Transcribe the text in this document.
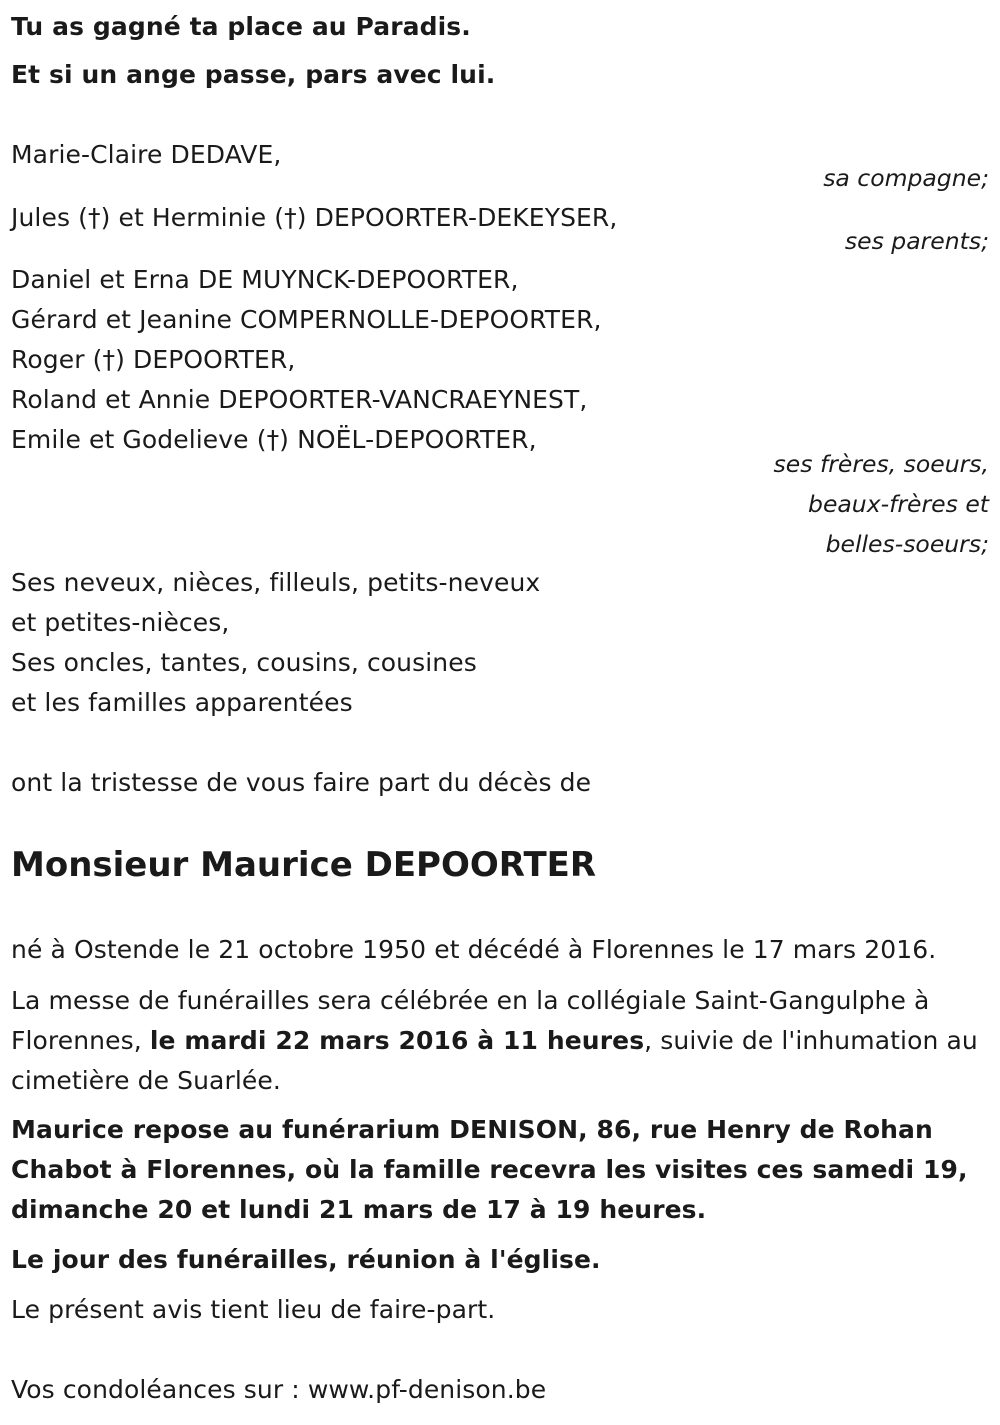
Tu as gagné ta place au Paradis.
Et si un ange passe, pars avec lui.
Marie-Claire DEDAVE,
sa compagne;
Jules (†) et Herminie (†) DEPOORTER-DEKEYSER,
ses parents;
Daniel et Erna DE MUYNCK-DEPOORTER,
Gérard et Jeanine COMPERNOLLE-DEPOORTER,
Roger (†) DEPOORTER,
Roland et Annie DEPOORTER-VANCRAEYNEST,
Emile et Godelieve (†) NOËL-DEPOORTER,
ses frères, soeurs,
beaux-frères et
belles-soeurs;
Ses neveux, nièces, filleuls, petits-neveux
et petites-nièces,
Ses oncles, tantes, cousins, cousines
et les familles apparentées
ont la tristesse de vous faire part du décès de
Monsieur Maurice DEPOORTER
né à Ostende le 21 octobre 1950 et décédé à Florennes le 17 mars 2016.
La messe de funérailles sera célébrée en la collégiale Saint-Gangulphe à
Florennes, le mardi 22 mars 2016 à 11 heures, suivie de l'inhumation au
cimetière de Suarlée.
Maurice repose au funérarium DENISON, 86, rue Henry de Rohan
Chabot à Florennes, où la famille recevra les visites ces samedi 19,
dimanche 20 et lundi 21 mars de 17 à 19 heures.
Le jour des funérailles, réunion à l'église.
Le présent avis tient lieu de faire-part.
Vos condoléances sur : www.pf-denison.be
